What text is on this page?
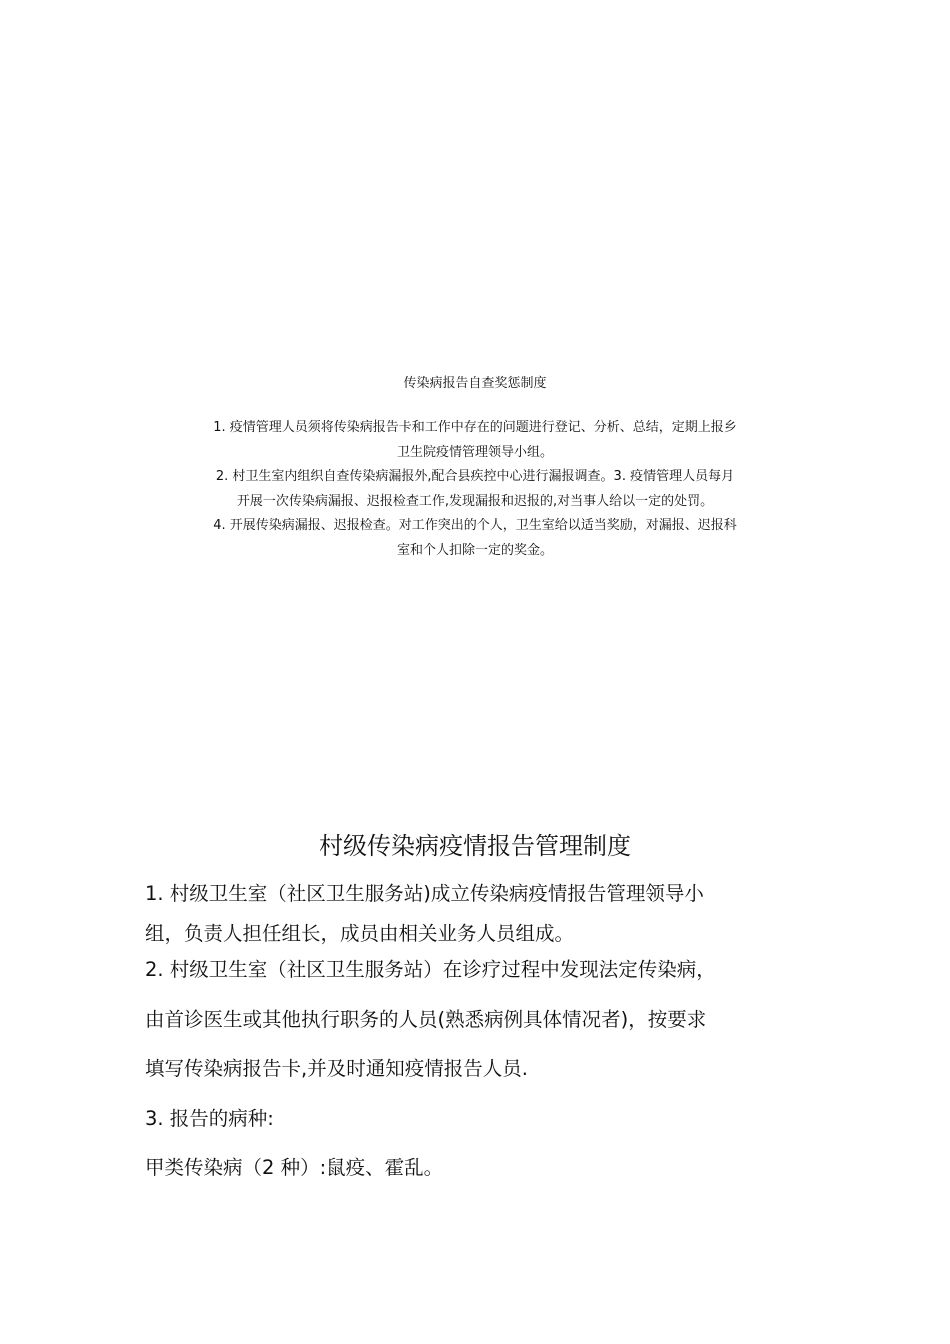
传染病报告自查奖惩制度
1. 疫情管理人员须将传染病报告卡和工作中存在的问题进行登记、分析、总结，定期上报乡
卫生院疫情管理领导小组。
2. 村卫生室内组织自查传染病漏报外,配合县疾控中心进行漏报调查。3. 疫情管理人员每月
开展一次传染病漏报、迟报检查工作,发现漏报和迟报的,对当事人给以一定的处罚。
4. 开展传染病漏报、迟报检查。对工作突出的个人，卫生室给以适当奖励，对漏报、迟报科
室和个人扣除一定的奖金。
村级传染病疫情报告管理制度
1. 村级卫生室（社区卫生服务站)成立传染病疫情报告管理领导小
组，负责人担任组长，成员由相关业务人员组成。
2. 村级卫生室（社区卫生服务站）在诊疗过程中发现法定传染病，
由首诊医生或其他执行职务的人员(熟悉病例具体情况者)，按要求
填写传染病报告卡,并及时通知疫情报告人员.
3. 报告的病种:
甲类传染病（2 种）:鼠疫、霍乱。
